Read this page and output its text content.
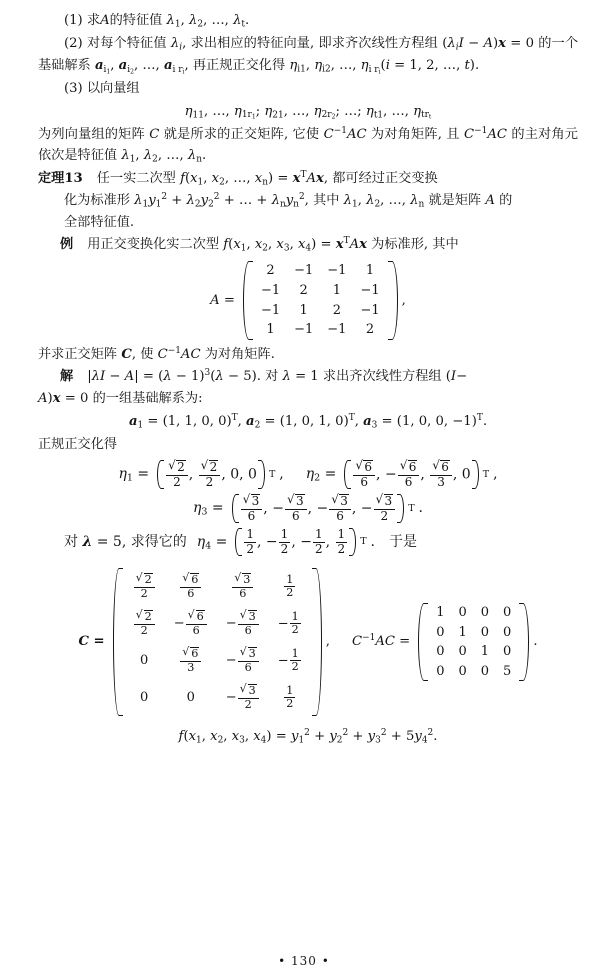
(1) 求A的特征值 $\lambda_1$, $\lambda_2$, …, $\lambda_t$.

(2) 对每个特征值 $\lambda_i$, 求出相应的特征向量, 即求齐次线性方程组 $(\lambda_iI - A)x = 0$ 的一个基础解系 $a_{i_1}$, $a_{i_2}$, …, $a_{i r_i}$, 再正规正交化得 $\eta_{i1}$, $\eta_{i2}$, …, $\eta_{i r_i}(i = 1$, 2, …, t).

(3) 以向量组

$\eta_{11}$, …, $\eta_{1r_1}$; $\eta_{21}$, …, $\eta_{2r_2}$; …; $\eta_{t1}$, …, $\eta_{tr_t}$

为列向量组的矩阵 C 就是所求的正交矩阵, 它使 $C^{-1}AC$ 为对角矩阵, 且 $C^{-1}AC$ 的主对角元依次是特征值 $\lambda_1$, $\lambda_2$, …, $\lambda_n$.

定理13 任一实二次型 $f(x_1$, $x_2$, …, $x_n) = x^TAx$, 都可经过正交变换
化为标准形 $\lambda_1y_1^2 + \lambda_2y_2^2$ + … + $\lambda_ny_n^2$, 其中 $\lambda_1$, $\lambda_2$, …, $\lambda_n$ 就是矩阵 A 的
全部特征值.

例 用正交变换化实二次型 $f(x_1$, $x_2$, $x_3$, $x_4) = x^TAx$ 为标准形, 其中

A =
2	−1	−1	1
−1	2	1	−1
−1	1	2	−1
1	−1	−1	2
,

并求正交矩阵 C, 使 $C^{-1}AC$ 为对角矩阵.

解 $|\lambda I - A| = (\lambda - 1)^3(\lambda - 5)$. 对 λ = 1 求出齐次线性方程组 (I−

A)x = 0 的一组基础解系为:

$a_1 = (1$, 1, 0, 0)$^T$, $a_2 = (1$, 0, 1, 0)$^T$, $a_3 = (1$, 0, 0, −1)$^T$.

正规正交化得

$\eta_1$ = √ $\frac{2}{2}$ , √ $\frac{2}{2}$ , 0, 0	T , $\eta_2$ = √ $\frac{6}{6}$ , − √ $\frac{6}{6}$ , √ $\frac{6}{3}$ , 0	T ,
$\eta_3$ = √ $\frac{3}{6}$ , − √ $\frac{3}{6}$ , − √ $\frac{3}{6}$ , − √ $\frac{3}{2}$ T .
对 λ = 5, 求得它的 $\eta_4 = \frac{1}{2}$ , − $\frac{1}{2}$ , − $\frac{1}{2}$ , $\frac{1}{2}$ T .
于是
C =
√ $\frac{2}{2}$	√ $\frac{6}{6}$	√ $\frac{3}{6}$	$\frac{1}{2}$

√ $\frac{2}{2}$	− √ $\frac{6}{6}$	− √ $\frac{3}{6}$	− $\frac{1}{2}$

0	√ $\frac{6}{3}$	− √ $\frac{3}{6}$	− $\frac{1}{2}$

0	0	− √ $\frac{3}{2}$	$\frac{1}{2}$
, $C^{-1}AC$ =
1	0	0	0
0	1	0	0
0	0	1	0
0	0	0	5
.

$f(x_1$, $x_2$, $x_3$, $x_4) = y_1^2 + y_2^2 + y_3^2 + 5y_4^2$.

• 130 •
